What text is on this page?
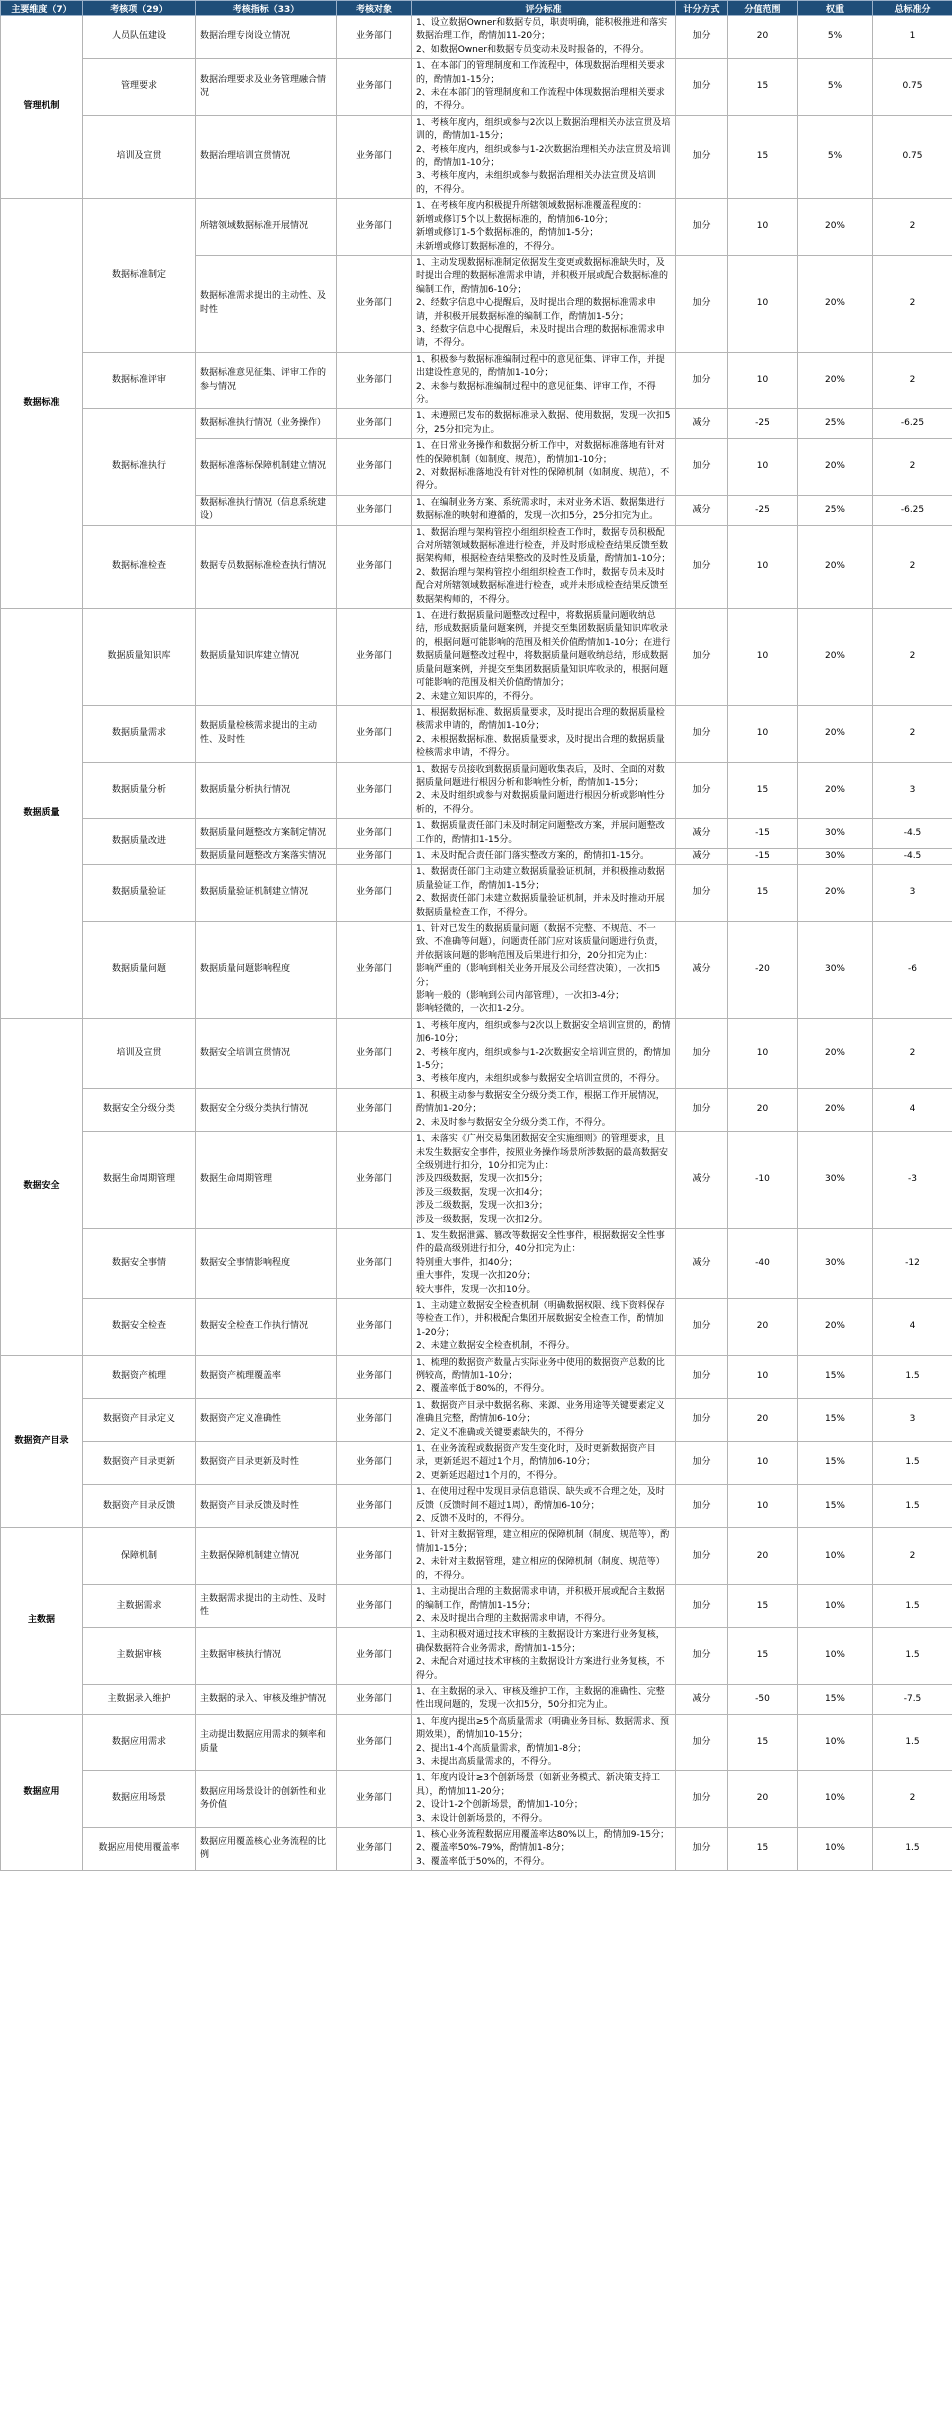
主要维度（7）	考核项（29）	考核指标（33）	考核对象	评分标准	计分方式	分值范围	权重	总标准分
管理机制	人员队伍建设	数据治理专岗设立情况	业务部门	1、设立数据Owner和数据专员，职责明确，能积极推进和落实数据治理工作，酌情加11-20分；
2、如数据Owner和数据专员变动未及时报备的，不得分。	加分	20	5%	1
	管理要求	数据治理要求及业务管理融合情况	业务部门	1、在本部门的管理制度和工作流程中，体现数据治理相关要求的，酌情加1-15分；
2、未在本部门的管理制度和工作流程中体现数据治理相关要求的，不得分。	加分	15	5%	0.75
	培训及宣贯	数据治理培训宣贯情况	业务部门	1、考核年度内，组织或参与2次以上数据治理相关办法宣贯及培训的，酌情加1-15分；
2、考核年度内，组织或参与1-2次数据治理相关办法宣贯及培训的，酌情加1-10分；
3、考核年度内，未组织或参与数据治理相关办法宣贯及培训的，不得分。	加分	15	5%	0.75
数据标准	数据标准制定	所辖领域数据标准开展情况	业务部门	1、在考核年度内积极提升所辖领域数据标准覆盖程度的：
新增或修订5个以上数据标准的，酌情加6-10分；
新增或修订1-5个数据标准的，酌情加1-5分；
未新增或修订数据标准的，不得分。	加分	10	20%	2
		数据标准需求提出的主动性、及时性	业务部门	1、主动发现数据标准制定依据发生变更或数据标准缺失时，及时提出合理的数据标准需求申请，并积极开展或配合数据标准的编制工作，酌情加6-10分；
2、经数字信息中心提醒后，及时提出合理的数据标准需求申请，并积极开展数据标准的编制工作，酌情加1-5分；
3、经数字信息中心提醒后，未及时提出合理的数据标准需求申请，不得分。	加分	10	20%	2
	数据标准评审	数据标准意见征集、评审工作的参与情况	业务部门	1、积极参与数据标准编制过程中的意见征集、评审工作，并提出建设性意见的，酌情加1-10分；
2、未参与数据标准编制过程中的意见征集、评审工作，不得分。	加分	10	20%	2
	数据标准执行	数据标准执行情况（业务操作）	业务部门	1、未遵照已发布的数据标准录入数据、使用数据，发现一次扣5分，25分扣完为止。	减分	-25	25%	-6.25
		数据标准落标保障机制建立情况	业务部门	1、在日常业务操作和数据分析工作中，对数据标准落地有针对性的保障机制（如制度、规范），酌情加1-10分；
2、对数据标准落地没有针对性的保障机制（如制度、规范），不得分。	加分	10	20%	2
		数据标准执行情况（信息系统建设）	业务部门	1、在编制业务方案、系统需求时，未对业务术语、数据集进行数据标准的映射和遵循的，发现一次扣5分，25分扣完为止。	减分	-25	25%	-6.25
	数据标准检查	数据专员数据标准检查执行情况	业务部门	1、数据治理与架构管控小组组织检查工作时，数据专员积极配合对所辖领域数据标准进行检查，并及时形成检查结果反馈至数据架构师，根据检查结果整改的及时性及质量，酌情加1-10分；
2、数据治理与架构管控小组组织检查工作时，数据专员未及时配合对所辖领域数据标准进行检查，或并未形成检查结果反馈至数据架构师的，不得分。	加分	10	20%	2
数据质量	数据质量知识库	数据质量知识库建立情况	业务部门	1、在进行数据质量问题整改过程中，将数据质量问题收纳总结，形成数据质量问题案例，并提交至集团数据质量知识库收录的，根据问题可能影响的范围及相关价值酌情加1-10分；在进行数据质量问题整改过程中，将数据质量问题收纳总结，形成数据质量问题案例，并提交至集团数据质量知识库收录的，根据问题可能影响的范围及相关价值酌情加分；
2、未建立知识库的，不得分。	加分	10	20%	2
	数据质量需求	数据质量检核需求提出的主动性、及时性	业务部门	1、根据数据标准、数据质量要求，及时提出合理的数据质量检核需求申请的，酌情加1-10分；
2、未根据数据标准、数据质量要求，及时提出合理的数据质量检核需求申请，不得分。	加分	10	20%	2
	数据质量分析	数据质量分析执行情况	业务部门	1、数据专员接收到数据质量问题收集表后，及时、全面的对数据质量问题进行根因分析和影响性分析，酌情加1-15分；
2、未及时组织或参与对数据质量问题进行根因分析或影响性分析的，不得分。	加分	15	20%	3
	数据质量改进	数据质量问题整改方案制定情况	业务部门	1、数据质量责任部门未及时制定问题整改方案，并展问题整改工作的，酌情扣1-15分。	减分	-15	30%	-4.5
		数据质量问题整改方案落实情况	业务部门	1、未及时配合责任部门落实整改方案的，酌情扣1-15分。	减分	-15	30%	-4.5
	数据质量验证	数据质量验证机制建立情况	业务部门	1、数据责任部门主动建立数据质量验证机制，并积极推动数据质量验证工作，酌情加1-15分；
2、数据责任部门未建立数据质量验证机制，并未及时推动开展数据质量检查工作，不得分。	加分	15	20%	3
	数据质量问题	数据质量问题影响程度	业务部门	1、针对已发生的数据质量问题（数据不完整、不规范、不一致、不准确等问题），问题责任部门应对该质量问题进行负责，并依据该问题的影响范围及后果进行扣分，20分扣完为止：
影响严重的（影响到相关业务开展及公司经营决策），一次扣5分；
影响一般的（影响到公司内部管理），一次扣3-4分；
影响轻微的，一次扣1-2分。	减分	-20	30%	-6
数据安全	培训及宣贯	数据安全培训宣贯情况	业务部门	1、考核年度内，组织或参与2次以上数据安全培训宣贯的，酌情加6-10分；
2、考核年度内，组织或参与1-2次数据安全培训宣贯的，酌情加1-5分；
3、考核年度内，未组织或参与数据安全培训宣贯的，不得分。	加分	10	20%	2
	数据安全分级分类	数据安全分级分类执行情况	业务部门	1、积极主动参与数据安全分级分类工作，根据工作开展情况，酌情加1-20分；
2、未及时参与数据安全分级分类工作，不得分。	加分	20	20%	4
	数据生命周期管理	数据生命周期管理	业务部门	1、未落实《广州交易集团数据安全实施细则》的管理要求，且未发生数据安全事件，按照业务操作场景所涉数据的最高数据安全级别进行扣分，10分扣完为止：
涉及四级数据，发现一次扣5分；
涉及三级数据，发现一次扣4分；
涉及二级数据，发现一次扣3分；
涉及一级数据，发现一次扣2分。	减分	-10	30%	-3
	数据安全事情	数据安全事情影响程度	业务部门	1、发生数据泄露、篡改等数据安全性事件，根据数据安全性事件的最高级别进行扣分，40分扣完为止：
特别重大事件，扣40分；
重大事件，发现一次扣20分；
较大事件，发现一次扣10分。	减分	-40	30%	-12
	数据安全检查	数据安全检查工作执行情况	业务部门	1、主动建立数据安全检查机制（明确数据权限、线下资料保存等检查工作），并积极配合集团开展数据安全检查工作，酌情加1-20分；
2、未建立数据安全检查机制，不得分。	加分	20	20%	4
数据资产目录	数据资产梳理	数据资产梳理覆盖率	业务部门	1、梳理的数据资产数量占实际业务中使用的数据资产总数的比例较高，酌情加1-10分；
2、覆盖率低于80%的，不得分。	加分	10	15%	1.5
	数据资产目录定义	数据资产定义准确性	业务部门	1、数据资产目录中数据名称、来源、业务用途等关键要素定义准确且完整，酌情加6-10分；
2、定义不准确或关键要素缺失的，不得分	加分	20	15%	3
	数据资产目录更新	数据资产目录更新及时性	业务部门	1、在业务流程或数据资产发生变化时，及时更新数据资产目录，更新延迟不超过1个月，酌情加6-10分；
2、更新延迟超过1个月的，不得分。	加分	10	15%	1.5
	数据资产目录反馈	数据资产目录反馈及时性	业务部门	1、在使用过程中发现目录信息错误、缺失或不合理之处，及时反馈（反馈时间不超过1周），酌情加6-10分；
2、反馈不及时的，不得分。	加分	10	15%	1.5
主数据	保障机制	主数据保障机制建立情况	业务部门	1、针对主数据管理，建立相应的保障机制（制度、规范等），酌情加1-15分；
2、未针对主数据管理，建立相应的保障机制（制度、规范等）的，不得分。	加分	20	10%	2
	主数据需求	主数据需求提出的主动性、及时性	业务部门	1、主动提出合理的主数据需求申请，并积极开展或配合主数据的编制工作，酌情加1-15分；
2、未及时提出合理的主数据需求申请，不得分。	加分	15	10%	1.5
	主数据审核	主数据审核执行情况	业务部门	1、主动积极对通过技术审核的主数据设计方案进行业务复核，确保数据符合业务需求，酌情加1-15分；
2、未配合对通过技术审核的主数据设计方案进行业务复核，不得分。	加分	15	10%	1.5
	主数据录入维护	主数据的录入、审核及维护情况	业务部门	1、在主数据的录入、审核及维护工作，主数据的准确性、完整性出现问题的，发现一次扣5分，50分扣完为止。	减分	-50	15%	-7.5
数据应用	数据应用需求	主动提出数据应用需求的频率和质量	业务部门	1、年度内提出≥5个高质量需求（明确业务目标、数据需求、预期效果），酌情加10-15分；
2、提出1-4个高质量需求，酌情加1-8分；
3、未提出高质量需求的，不得分。	加分	15	10%	1.5
	数据应用场景	数据应用场景设计的创新性和业务价值	业务部门	1、年度内设计≥3个创新场景（如新业务模式、新决策支持工具），酌情加11-20分；
2、设计1-2个创新场景，酌情加1-10分；
3、未设计创新场景的，不得分。	加分	20	10%	2
	数据应用使用覆盖率	数据应用覆盖核心业务流程的比例	业务部门	1、核心业务流程数据应用覆盖率达80%以上，酌情加9-15分；
2、覆盖率50%-79%，酌情加1-8分；
3、覆盖率低于50%的，不得分。	加分	15	10%	1.5
